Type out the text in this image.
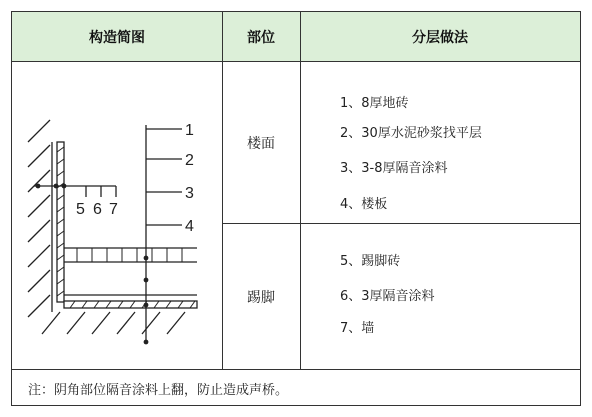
构造简图	部位	分层做法
楼面
踢脚
1、8厚地砖
2、30厚水泥砂浆找平层
3、3-8厚隔音涂料
4、楼板
5、踢脚砖
6、3厚隔音涂料
7、墙
1
2
3
4
5 6 7
注：阴角部位隔音涂料上翻，防止造成声桥。
